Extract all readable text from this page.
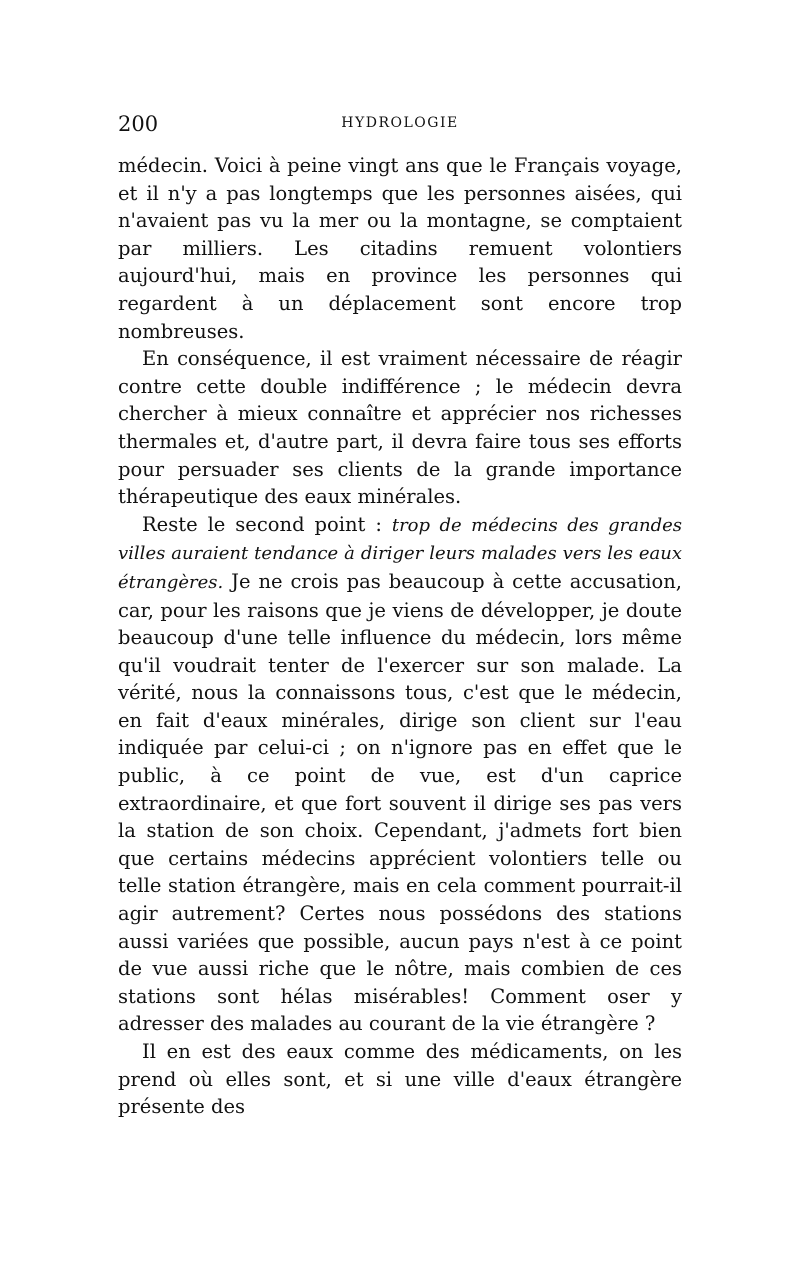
200	HYDROLOGIE

médecin. Voici à peine vingt ans que le Français voyage, et il n'y a pas longtemps que les personnes aisées, qui n'avaient pas vu la mer ou la montagne, se comptaient par milliers. Les citadins remuent volontiers aujourd'hui, mais en province les personnes qui regardent à un déplacement sont encore trop nombreuses.

En conséquence, il est vraiment nécessaire de réagir contre cette double indifférence ; le médecin devra chercher à mieux connaître et apprécier nos richesses thermales et, d'autre part, il devra faire tous ses efforts pour persuader ses clients de la grande importance thérapeutique des eaux minérales.

Reste le second point : trop de médecins des grandes villes auraient tendance à diriger leurs malades vers les eaux étrangères. Je ne crois pas beaucoup à cette accusation, car, pour les raisons que je viens de développer, je doute beaucoup d'une telle influence du médecin, lors même qu'il voudrait tenter de l'exercer sur son malade. La vérité, nous la connaissons tous, c'est que le médecin, en fait d'eaux minérales, dirige son client sur l'eau indiquée par celui-ci ; on n'ignore pas en effet que le public, à ce point de vue, est d'un caprice extraordinaire, et que fort souvent il dirige ses pas vers la station de son choix. Cependant, j'admets fort bien que certains médecins apprécient volontiers telle ou telle station étrangère, mais en cela comment pourrait-il agir autrement? Certes nous possédons des stations aussi variées que possible, aucun pays n'est à ce point de vue aussi riche que le nôtre, mais combien de ces stations sont hélas misérables! Comment oser y adresser des malades au courant de la vie étrangère ?

Il en est des eaux comme des médicaments, on les prend où elles sont, et si une ville d'eaux étrangère présente des
